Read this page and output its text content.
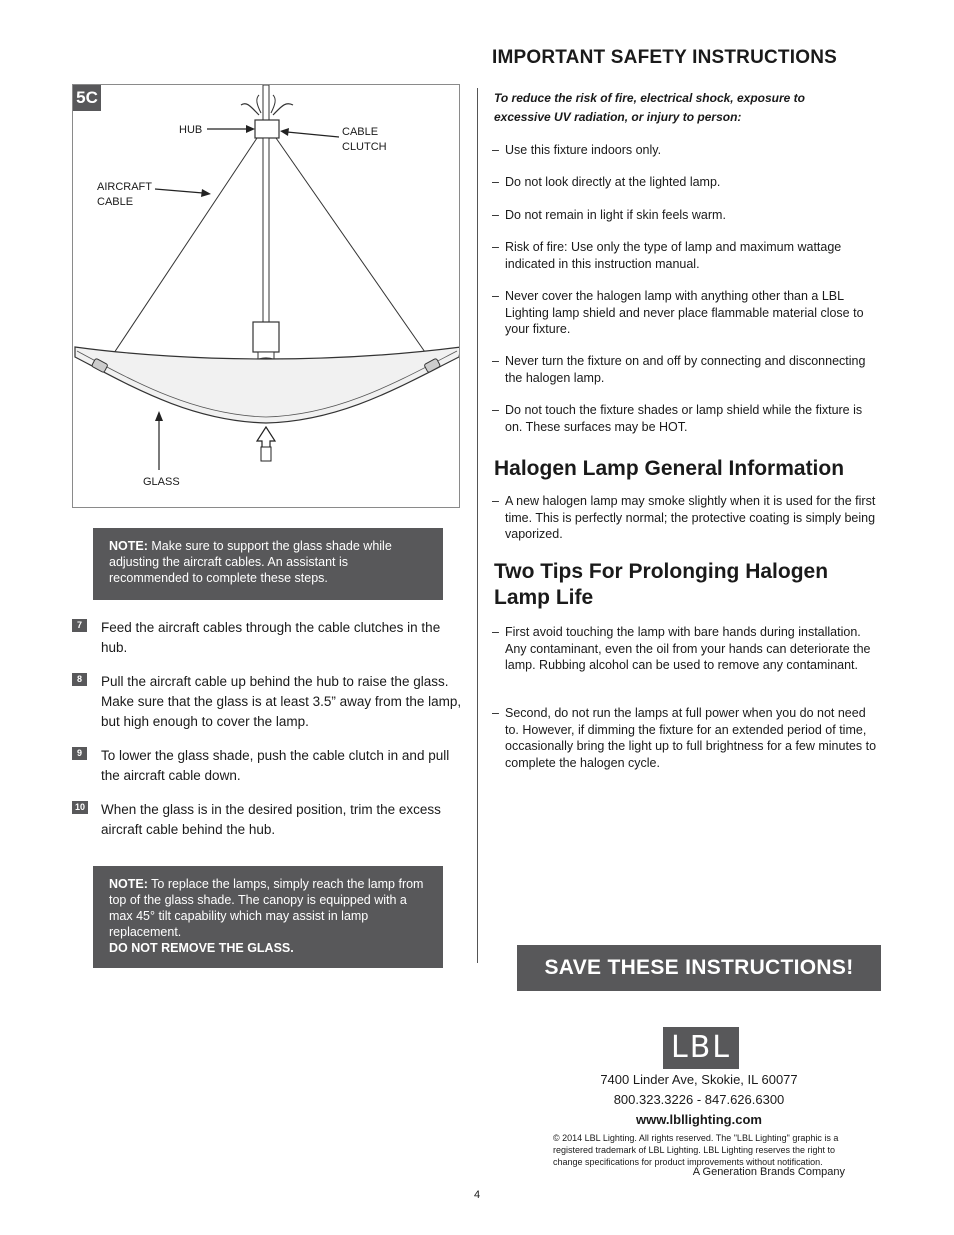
5C
HUB	CABLE
CLUTCH
AIRCRAFT
CABLE
GLASS
NOTE: Make sure to support the glass shade while adjusting the aircraft cables. An assistant is recommended to complete these steps.
7	Feed the aircraft cables through the cable clutches in the hub.
8	Pull the aircraft cable up behind the hub to raise the glass. Make sure that the glass is at least 3.5” away from the lamp, but high enough to cover the lamp.
9	To lower the glass shade, push the cable clutch in and pull the aircraft cable down.
10 When the glass is in the desired position, trim the excess aircraft cable behind the hub.
NOTE: To replace the lamps, simply reach the lamp from top of the glass shade. The canopy is equipped with a max 45° tilt capability which may assist in lamp replacement.
DO NOT REMOVE THE GLASS.
IMPORTANT SAFETY INSTRUCTIONS
To reduce the risk of fire, electrical shock, exposure to excessive UV radiation, or injury to person:
– Use this fixture indoors only.
– Do not look directly at the lighted lamp.
– Do not remain in light if skin feels warm.
– Risk of fire: Use only the type of lamp and maximum wattage indicated in this instruction manual.
– Never cover the halogen lamp with anything other than a LBL Lighting lamp shield and never place flammable material close to your fixture.
– Never turn the fixture on and off by connecting and disconnecting the halogen lamp.
– Do not touch the fixture shades or lamp shield while the fixture is on. These surfaces may be HOT.
Halogen Lamp General Information
– A new halogen lamp may smoke slightly when it is used for the first time. This is perfectly normal; the protective coating is simply being vaporized.
Two Tips For Prolonging Halogen Lamp Life
– First avoid touching the lamp with bare hands during installation. Any contaminant, even the oil from your hands can deteriorate the lamp. Rubbing alcohol can be used to remove any contaminant.
– Second, do not run the lamps at full power when you do not need to. However, if dimming the fixture for an extended period of time, occasionally bring the light up to full brightness for a few minutes to complete the halogen cycle.
SAVE THESE INSTRUCTIONS!
LBL
7400 Linder Ave, Skokie, IL 60077
800.323.3226 - 847.626.6300
www.lbllighting.com
© 2014 LBL Lighting. All rights reserved. The "LBL Lighting" graphic is a registered trademark of LBL Lighting. LBL Lighting reserves the right to change specifications for product improvements without notification.
A Generation Brands Company
4
